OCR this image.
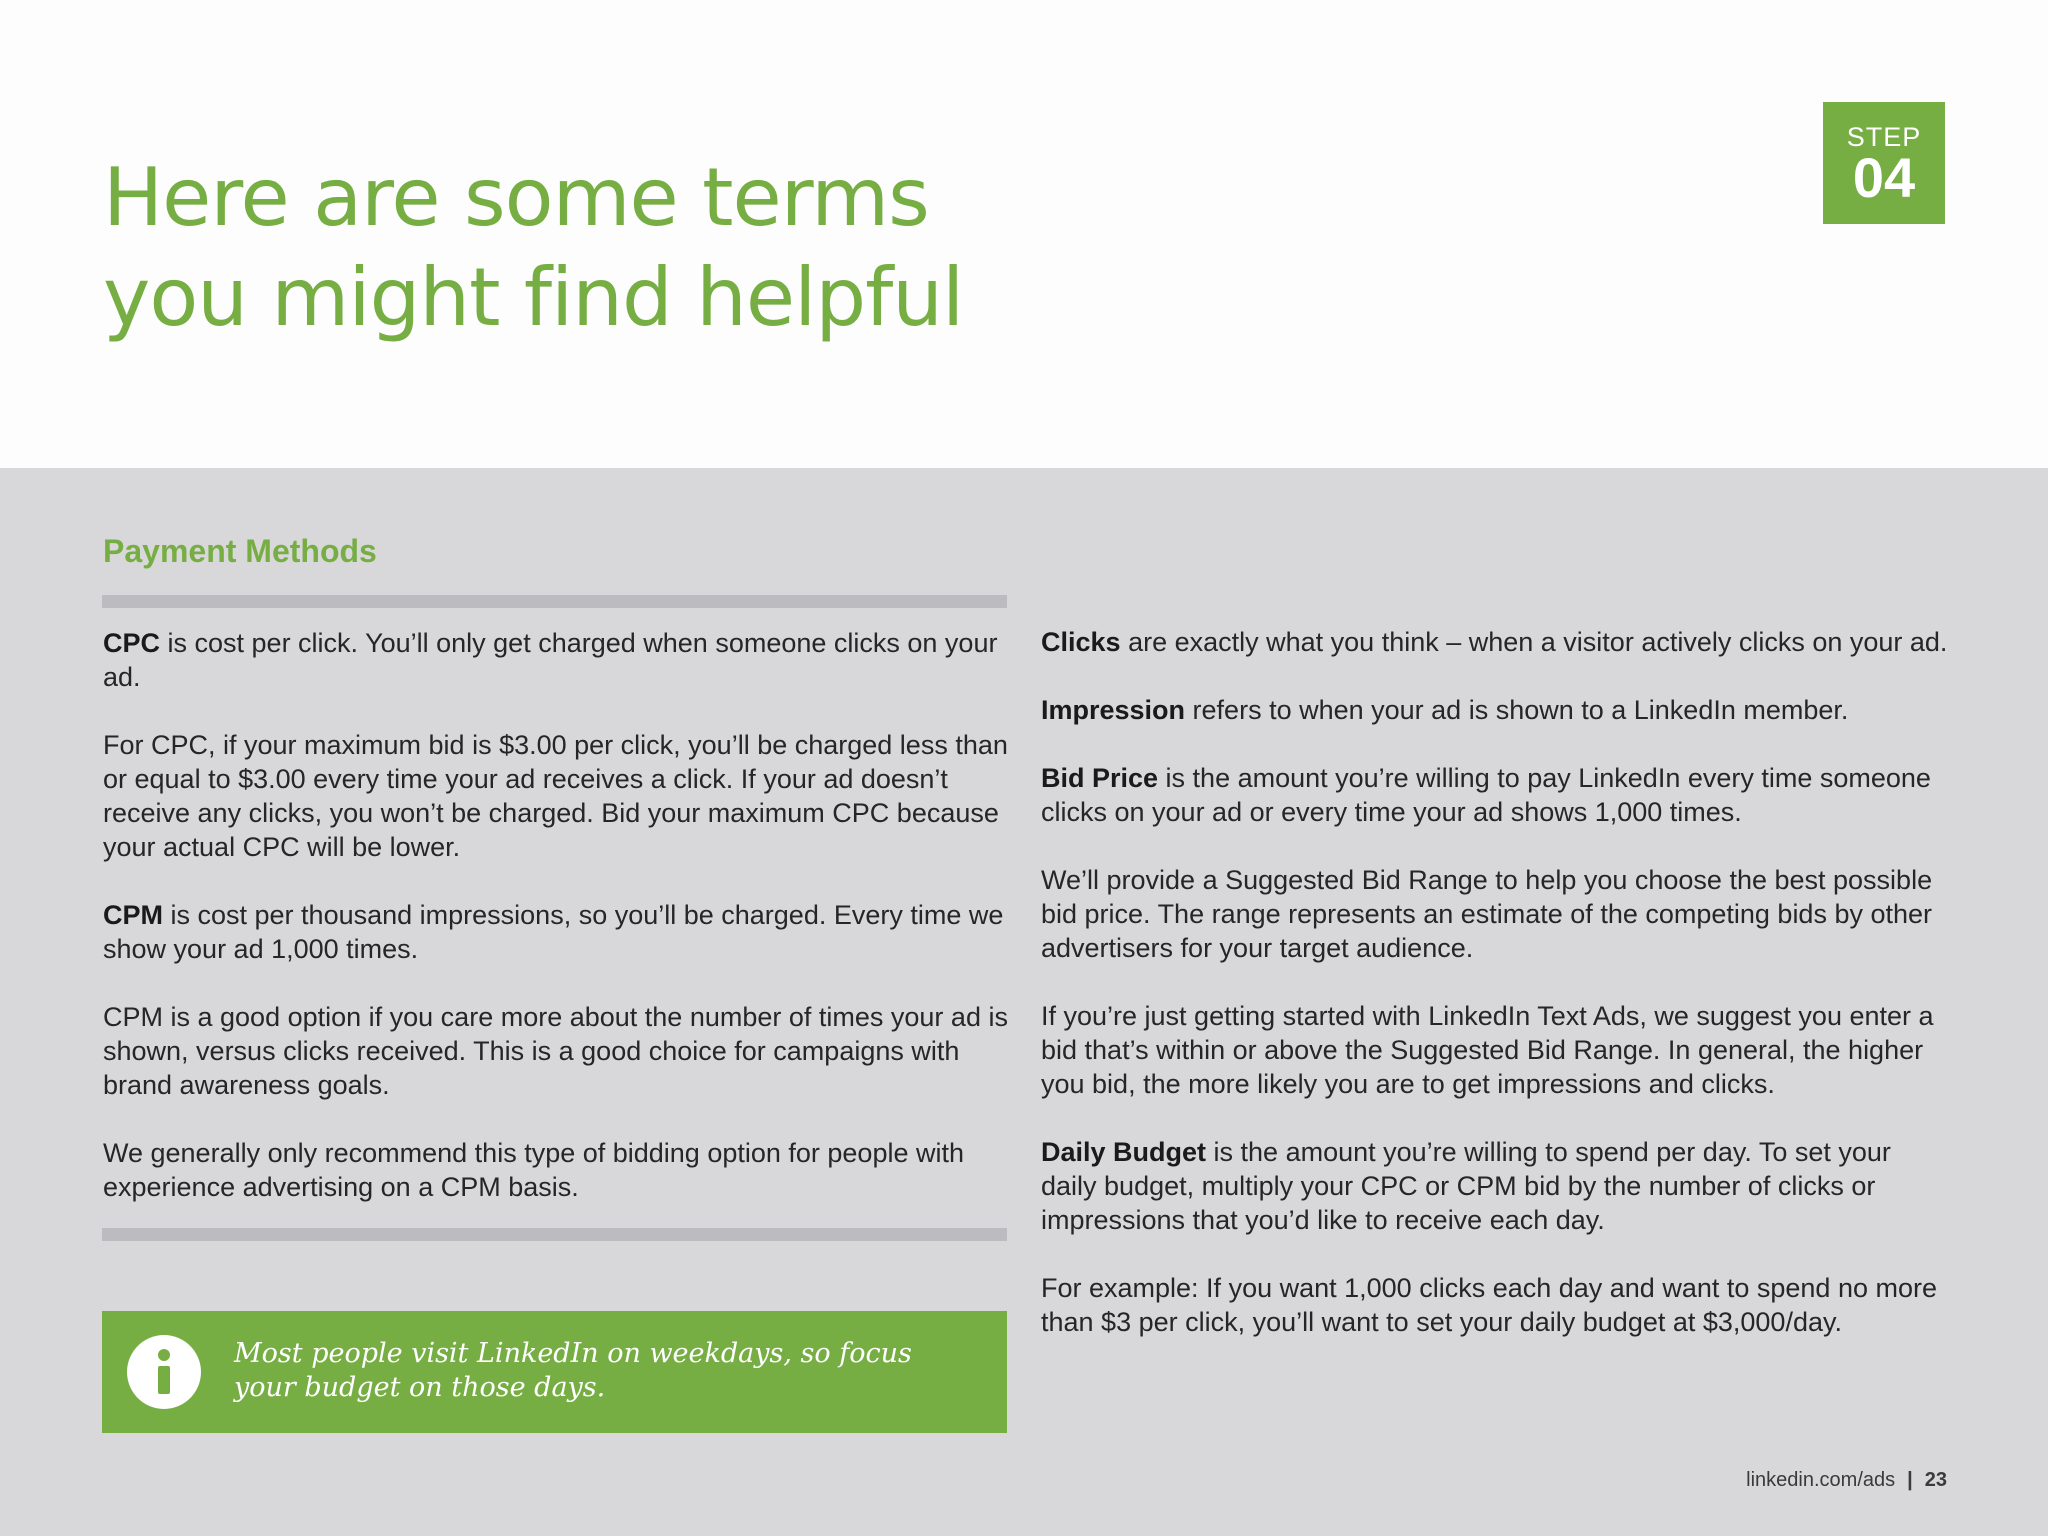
Here are some terms
you might find helpful
STEP
04
Payment Methods

CPC is cost per click. You’ll only get charged when someone clicks on your ad.

For CPC, if your maximum bid is $3.00 per click, you’ll be charged less than or equal to $3.00 every time your ad receives a click. If your ad doesn’t receive any clicks, you won’t be charged. Bid your maximum CPC because your actual CPC will be lower.

CPM is cost per thousand impressions, so you’ll be charged. Every time we show your ad 1,000 times.

CPM is a good option if you care more about the number of times your ad is shown, versus clicks received. This is a good choice for campaigns with brand awareness goals.

We generally only recommend this type of bidding option for people with experience advertising on a CPM basis.

Most people visit LinkedIn on weekdays, so focus your budget on those days.

Clicks are exactly what you think – when a visitor actively clicks on your ad.

Impression refers to when your ad is shown to a LinkedIn member.

Bid Price is the amount you’re willing to pay LinkedIn every time someone clicks on your ad or every time your ad shows 1,000 times.

We’ll provide a Suggested Bid Range to help you choose the best possible bid price. The range represents an estimate of the competing bids by other advertisers for your target audience.

If you’re just getting started with LinkedIn Text Ads, we suggest you enter a bid that’s within or above the Suggested Bid Range. In general, the higher you bid, the more likely you are to get impressions and clicks.

Daily Budget is the amount you’re willing to spend per day. To set your daily budget, multiply your CPC or CPM bid by the number of clicks or impressions that you’d like to receive each day.

For example: If you want 1,000 clicks each day and want to spend no more than $3 per click, you’ll want to set your daily budget at $3,000/day.

linkedin.com/ads | 23
